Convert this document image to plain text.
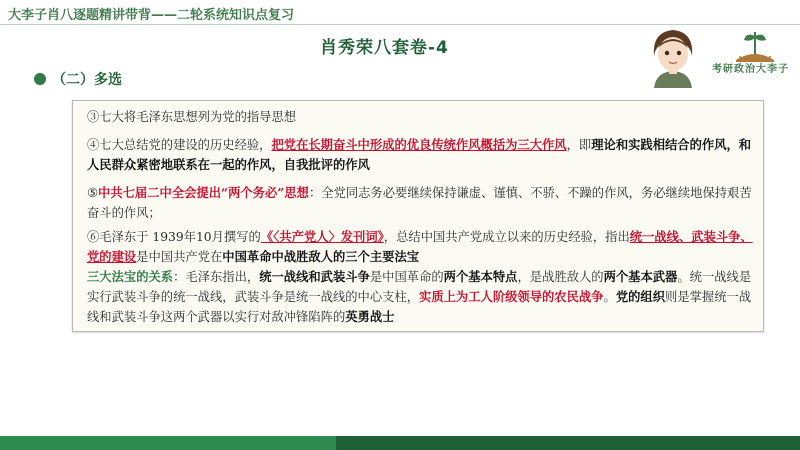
大李子肖八逐题精讲带背——二轮系统知识点复习
肖秀荣八套卷-4
考研政治大李子
（二）多选
③七大将毛泽东思想列为党的指导思想
④七大总结党的建设的历史经验，把党在长期奋斗中形成的优良传统作风概括为三大作风，即理论和实践相结合的作风，和人民群众紧密地联系在一起的作风，自我批评的作风
⑤中共七届二中全会提出“两个务必”思想：全党同志务必要继续保持谦虚、谨慎、不骄、不躁的作风，务必继续地保持艰苦奋斗的作风；
⑥毛泽东于 1939年10月撰写的《〈共产党人〉发刊词》，总结中国共产党成立以来的历史经验，指出统一战线、武装斗争、党的建设是中国共产党在中国革命中战胜敌人的三个主要法宝
三大法宝的关系：毛泽东指出，统一战线和武装斗争是中国革命的两个基本特点，是战胜敌人的两个基本武器。统一战线是实行武装斗争的统一战线，武装斗争是统一战线的中心支柱，实质上为工人阶级领导的农民战争。党的组织则是掌握统一战线和武装斗争这两个武器以实行对敌冲锋陷阵的英勇战士
